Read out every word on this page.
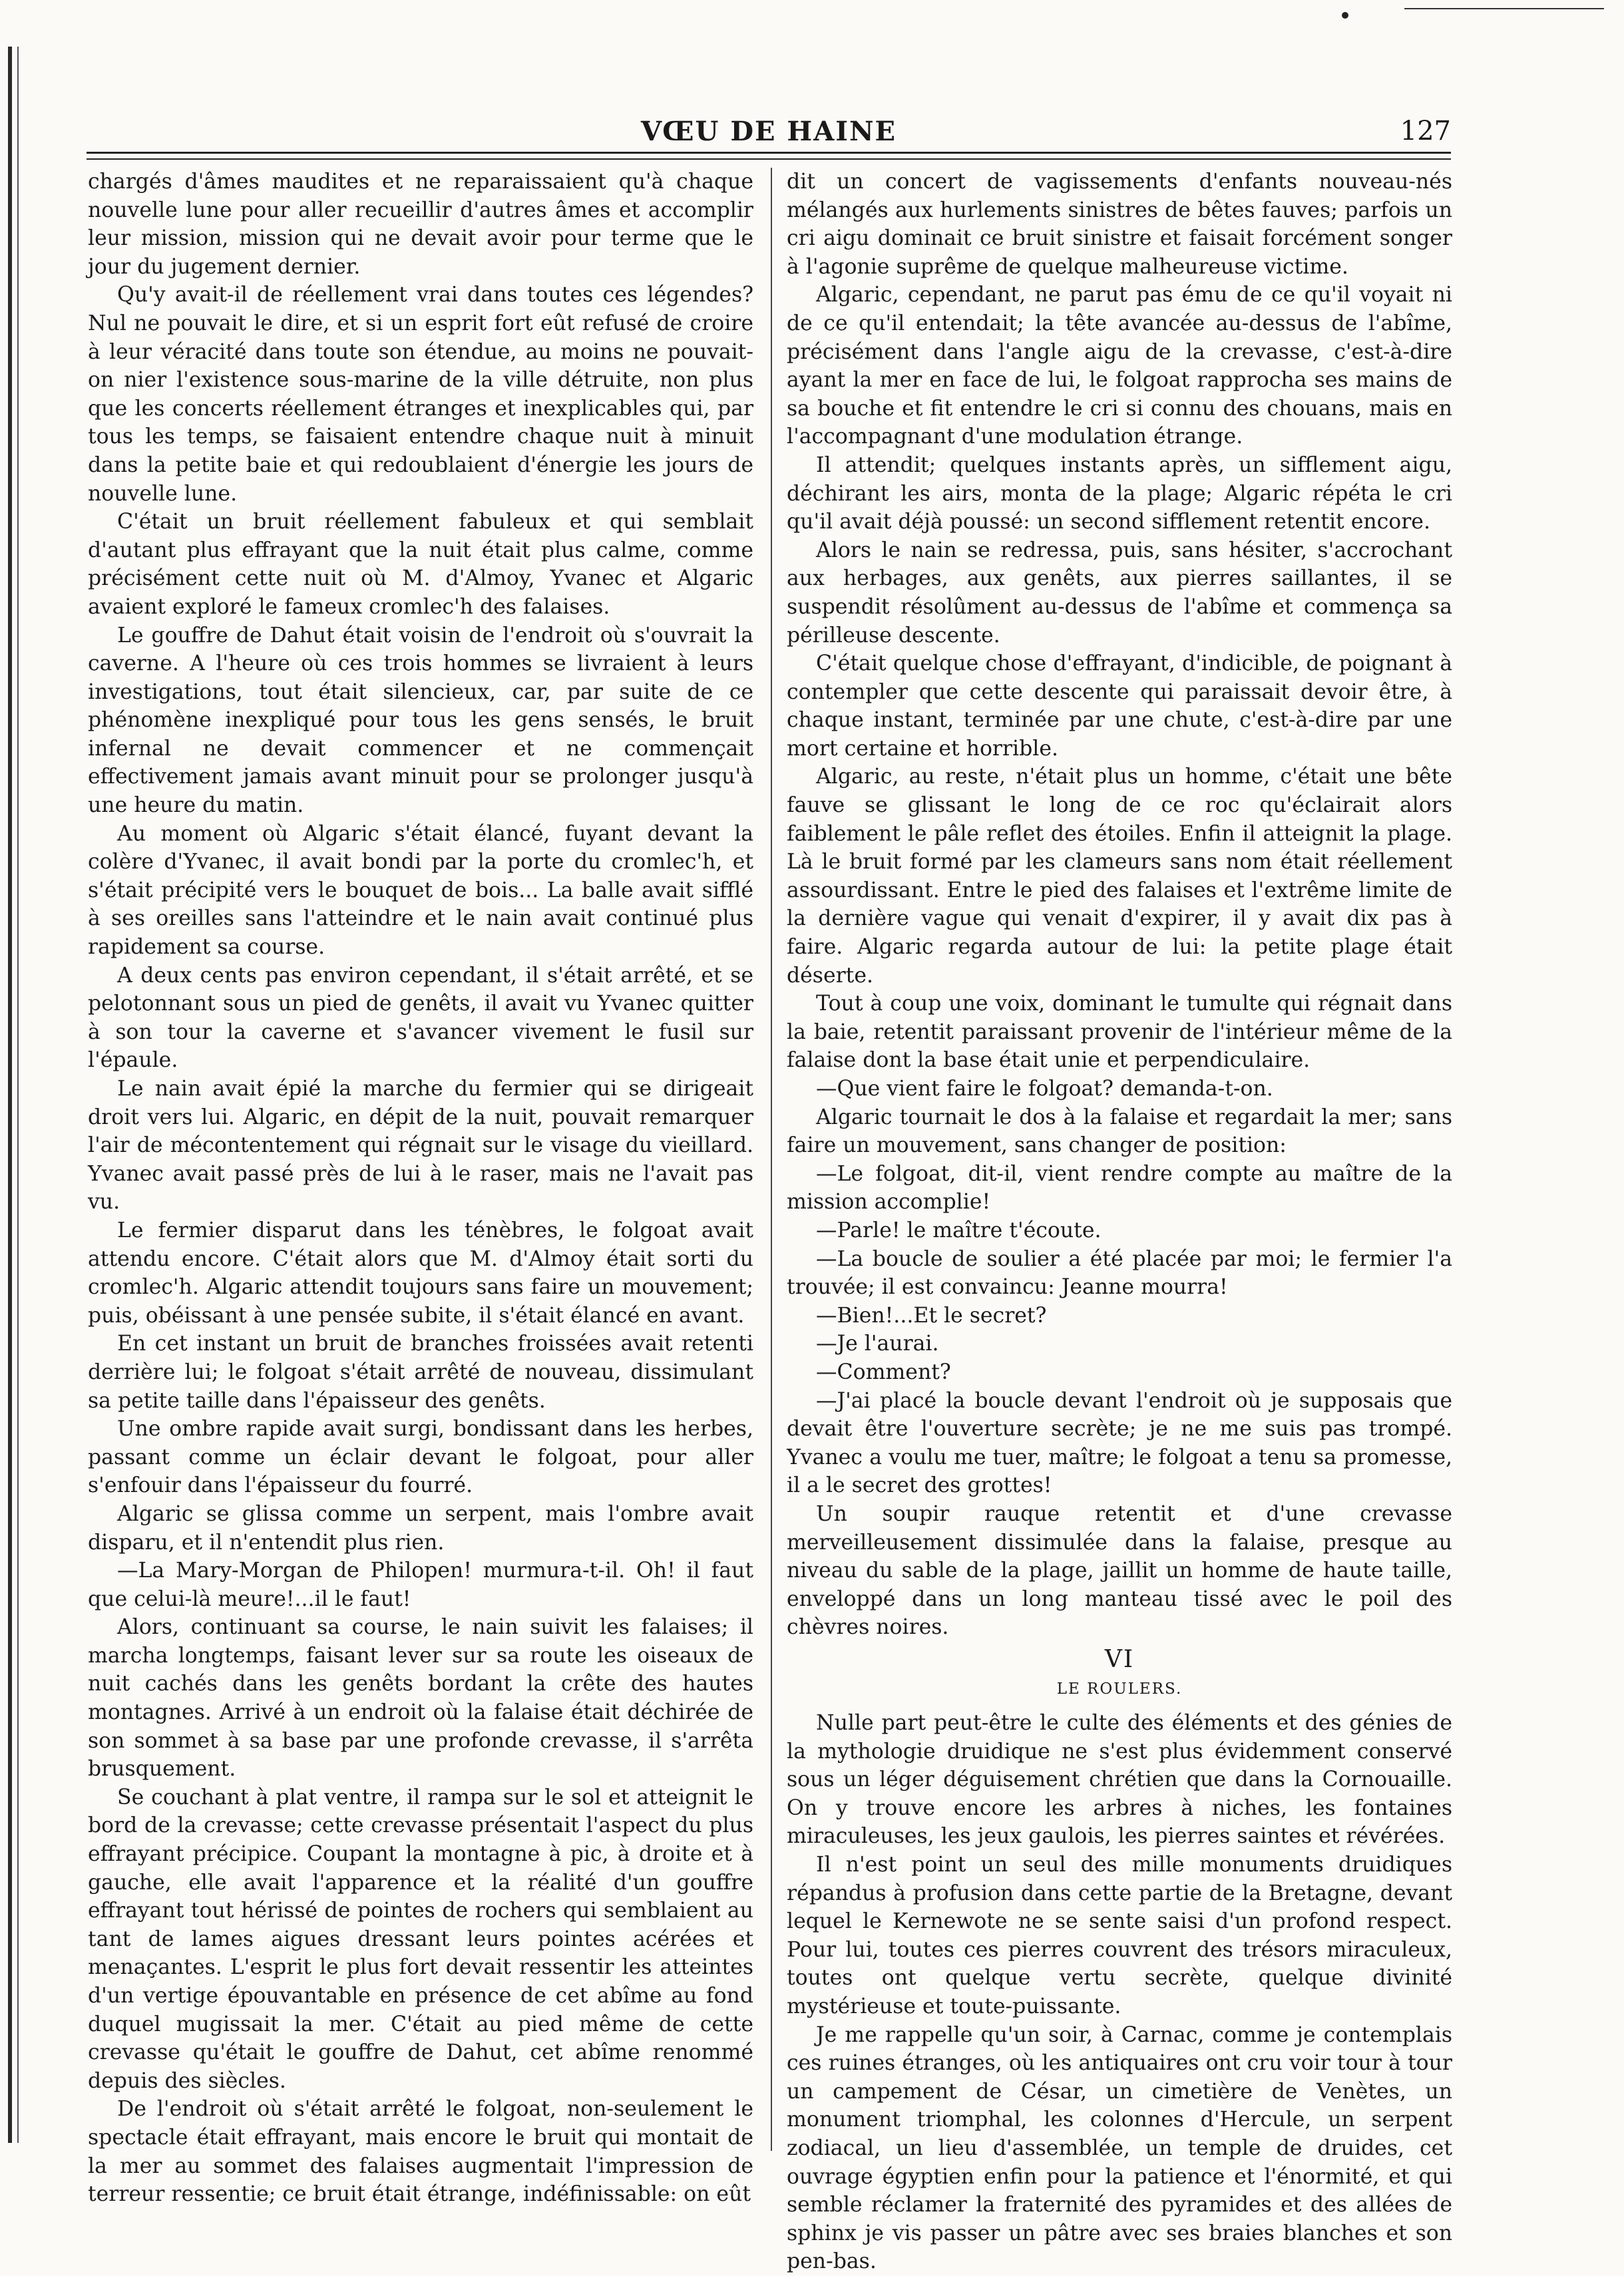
VŒU DE HAINE	127

chargés d'âmes maudites et ne reparaissaient qu'à chaque nouvelle lune pour aller recueillir d'autres âmes et accomplir leur mission, mission qui ne devait avoir pour terme que le jour du jugement dernier.

Qu'y avait-il de réellement vrai dans toutes ces légendes? Nul ne pouvait le dire, et si un esprit fort eût refusé de croire à leur véracité dans toute son étendue, au moins ne pouvait-on nier l'existence sous-marine de la ville détruite, non plus que les concerts réellement étranges et inexplicables qui, par tous les temps, se faisaient entendre chaque nuit à minuit dans la petite baie et qui redoublaient d'énergie les jours de nouvelle lune.

C'était un bruit réellement fabuleux et qui semblait d'autant plus effrayant que la nuit était plus calme, comme précisément cette nuit où M. d'Almoy, Yvanec et Algaric avaient exploré le fameux cromlec'h des falaises.

Le gouffre de Dahut était voisin de l'endroit où s'ouvrait la caverne. A l'heure où ces trois hommes se livraient à leurs investigations, tout était silencieux, car, par suite de ce phénomène inexpliqué pour tous les gens sensés, le bruit infernal ne devait commencer et ne commençait effectivement jamais avant minuit pour se prolonger jusqu'à une heure du matin.

Au moment où Algaric s'était élancé, fuyant devant la colère d'Yvanec, il avait bondi par la porte du cromlec'h, et s'était précipité vers le bouquet de bois... La balle avait sifflé à ses oreilles sans l'atteindre et le nain avait continué plus rapidement sa course.

A deux cents pas environ cependant, il s'était arrêté, et se pelotonnant sous un pied de genêts, il avait vu Yvanec quitter à son tour la caverne et s'avancer vivement le fusil sur l'épaule.

Le nain avait épié la marche du fermier qui se dirigeait droit vers lui. Algaric, en dépit de la nuit, pouvait remarquer l'air de mécontentement qui régnait sur le visage du vieillard. Yvanec avait passé près de lui à le raser, mais ne l'avait pas vu.

Le fermier disparut dans les ténèbres, le folgoat avait attendu encore. C'était alors que M. d'Almoy était sorti du cromlec'h. Algaric attendit toujours sans faire un mouvement; puis, obéissant à une pensée subite, il s'était élancé en avant.

En cet instant un bruit de branches froissées avait retenti derrière lui; le folgoat s'était arrêté de nouveau, dissimulant sa petite taille dans l'épaisseur des genêts.

Une ombre rapide avait surgi, bondissant dans les herbes, passant comme un éclair devant le folgoat, pour aller s'enfouir dans l'épaisseur du fourré.

Algaric se glissa comme un serpent, mais l'ombre avait disparu, et il n'entendit plus rien.

—La Mary-Morgan de Philopen! murmura-t-il. Oh! il faut que celui-là meure!...il le faut!

Alors, continuant sa course, le nain suivit les falaises; il marcha longtemps, faisant lever sur sa route les oiseaux de nuit cachés dans les genêts bordant la crête des hautes montagnes. Arrivé à un endroit où la falaise était déchirée de son sommet à sa base par une profonde crevasse, il s'arrêta brusquement.

Se couchant à plat ventre, il rampa sur le sol et atteignit le bord de la crevasse; cette crevasse présentait l'aspect du plus effrayant précipice. Coupant la montagne à pic, à droite et à gauche, elle avait l'apparence et la réalité d'un gouffre effrayant tout hérissé de pointes de rochers qui semblaient au tant de lames aigues dressant leurs pointes acérées et menaçantes. L'esprit le plus fort devait ressentir les atteintes d'un vertige épouvantable en présence de cet abîme au fond duquel mugissait la mer. C'était au pied même de cette crevasse qu'était le gouffre de Dahut, cet abîme renommé depuis des siècles.

De l'endroit où s'était arrêté le folgoat, non-seulement le spectacle était effrayant, mais encore le bruit qui montait de la mer au sommet des falaises augmentait l'impression de terreur ressentie; ce bruit était étrange, indéfinissable: on eût

dit un concert de vagissements d'enfants nouveau-nés mélangés aux hurlements sinistres de bêtes fauves; parfois un cri aigu dominait ce bruit sinistre et faisait forcément songer à l'agonie suprême de quelque malheureuse victime.

Algaric, cependant, ne parut pas ému de ce qu'il voyait ni de ce qu'il entendait; la tête avancée au-dessus de l'abîme, précisément dans l'angle aigu de la crevasse, c'est-à-dire ayant la mer en face de lui, le folgoat rapprocha ses mains de sa bouche et fit entendre le cri si connu des chouans, mais en l'accompagnant d'une modulation étrange.

Il attendit; quelques instants après, un sifflement aigu, déchirant les airs, monta de la plage; Algaric répéta le cri qu'il avait déjà poussé: un second sifflement retentit encore.

Alors le nain se redressa, puis, sans hésiter, s'accrochant aux herbages, aux genêts, aux pierres saillantes, il se suspendit résolûment au-dessus de l'abîme et commença sa périlleuse descente.

C'était quelque chose d'effrayant, d'indicible, de poignant à contempler que cette descente qui paraissait devoir être, à chaque instant, terminée par une chute, c'est-à-dire par une mort certaine et horrible.

Algaric, au reste, n'était plus un homme, c'était une bête fauve se glissant le long de ce roc qu'éclairait alors faiblement le pâle reflet des étoiles. Enfin il atteignit la plage. Là le bruit formé par les clameurs sans nom était réellement assourdissant. Entre le pied des falaises et l'extrême limite de la dernière vague qui venait d'expirer, il y avait dix pas à faire. Algaric regarda autour de lui: la petite plage était déserte.

Tout à coup une voix, dominant le tumulte qui régnait dans la baie, retentit paraissant provenir de l'intérieur même de la falaise dont la base était unie et perpendiculaire.

—Que vient faire le folgoat? demanda-t-on.

Algaric tournait le dos à la falaise et regardait la mer; sans faire un mouvement, sans changer de position:

—Le folgoat, dit-il, vient rendre compte au maître de la mission accomplie!

—Parle! le maître t'écoute.

—La boucle de soulier a été placée par moi; le fermier l'a trouvée; il est convaincu: Jeanne mourra!

—Bien!...Et le secret?

—Je l'aurai.

—Comment?

—J'ai placé la boucle devant l'endroit où je supposais que devait être l'ouverture secrète; je ne me suis pas trompé. Yvanec a voulu me tuer, maître; le folgoat a tenu sa promesse, il a le secret des grottes!

Un soupir rauque retentit et d'une crevasse merveilleusement dissimulée dans la falaise, presque au niveau du sable de la plage, jaillit un homme de haute taille, enveloppé dans un long manteau tissé avec le poil des chèvres noires.

VI
LE ROULERS.

Nulle part peut-être le culte des éléments et des génies de la mythologie druidique ne s'est plus évidemment conservé sous un léger déguisement chrétien que dans la Cornouaille. On y trouve encore les arbres à niches, les fontaines miraculeuses, les jeux gaulois, les pierres saintes et révérées.

Il n'est point un seul des mille monuments druidiques répandus à profusion dans cette partie de la Bretagne, devant lequel le Kernewote ne se sente saisi d'un profond respect. Pour lui, toutes ces pierres couvrent des trésors miraculeux, toutes ont quelque vertu secrète, quelque divinité mystérieuse et toute-puissante.

Je me rappelle qu'un soir, à Carnac, comme je contemplais ces ruines étranges, où les antiquaires ont cru voir tour à tour un campement de César, un cimetière de Venètes, un monument triomphal, les colonnes d'Hercule, un serpent zodiacal, un lieu d'assemblée, un temple de druides, cet ouvrage égyptien enfin pour la patience et l'énormité, et qui semble réclamer la fraternité des pyramides et des allées de sphinx je vis passer un pâtre avec ses braies blanches et son pen-bas.
